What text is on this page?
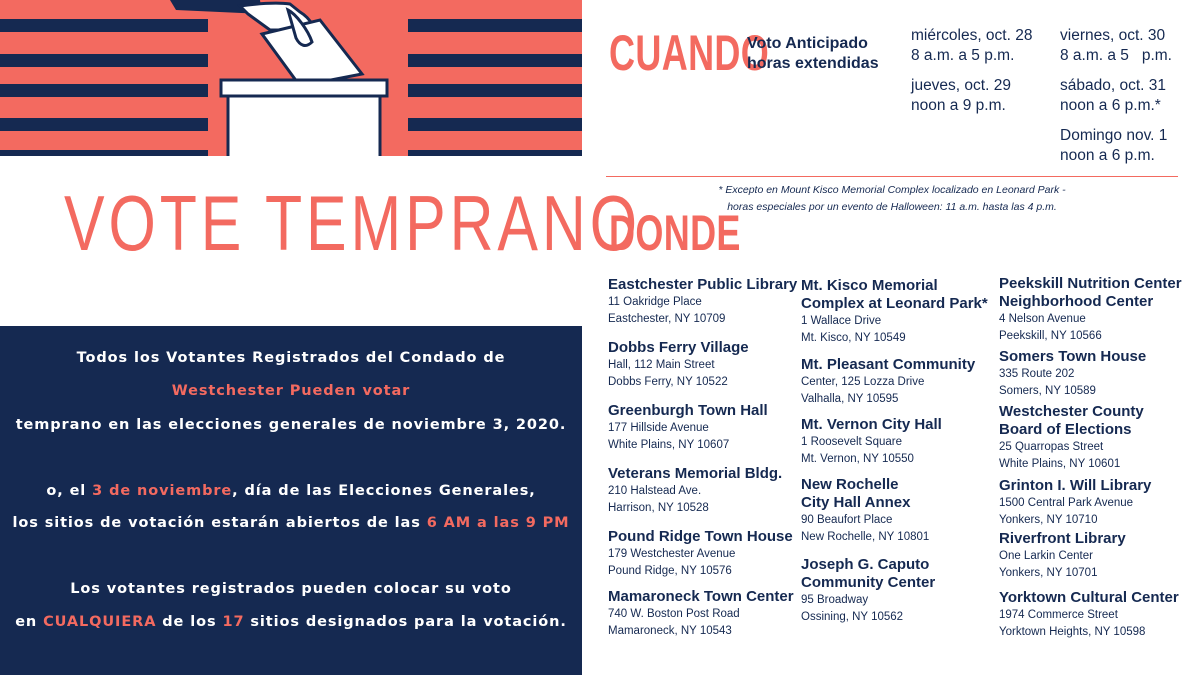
VOTE TEMPRANO
Todos los Votantes Registrados del Condado de
Westchester Pueden votar
temprano en las elecciones generales de noviembre 3, 2020.
o, el 3 de noviembre, día de las Elecciones Generales,
los sitios de votación estarán abiertos de las 6 AM a las 9 PM
Los votantes registrados pueden colocar su voto
en CUALQUIERA de los 17 sitios designados para la votación.
CUANDO
Voto Anticipado
horas extendidas
miércoles, oct. 28
8 a.m. a 5 p.m.
jueves, oct. 29
noon a 9 p.m.
viernes, oct. 30
8 a.m. a 5   p.m.
sábado, oct. 31
noon a 6 p.m.*
Domingo nov. 1
noon a 6 p.m.
* Excepto en Mount Kisco Memorial Complex localizado en Leonard Park -
horas especiales por un evento de Halloween: 11 a.m. hasta las 4 p.m.
DONDE
Eastchester Public Library
11 Oakridge Place
Eastchester, NY 10709
Dobbs Ferry Village
Hall, 112 Main Street
Dobbs Ferry, NY 10522
Greenburgh Town Hall
177 Hillside Avenue
White Plains, NY 10607
Veterans Memorial Bldg.
210 Halstead Ave.
Harrison, NY 10528
Pound Ridge Town House
179 Westchester Avenue
Pound Ridge, NY 10576
Mamaroneck Town Center
740 W. Boston Post Road
Mamaroneck, NY 10543
Mt. Kisco Memorial
Complex at Leonard Park*
1 Wallace Drive
Mt. Kisco, NY 10549
Mt. Pleasant Community
Center, 125 Lozza Drive
Valhalla, NY 10595
Mt. Vernon City Hall
1 Roosevelt Square
Mt. Vernon, NY 10550
New Rochelle
City Hall Annex
90 Beaufort Place
New Rochelle, NY 10801
Joseph G. Caputo
Community Center
95 Broadway
Ossining, NY 10562
Peekskill Nutrition Center
Neighborhood Center
4 Nelson Avenue
Peekskill, NY 10566
Somers Town House
335 Route 202
Somers, NY 10589
Westchester County
Board of Elections
25 Quarropas Street
White Plains, NY 10601
Grinton I. Will Library
1500 Central Park Avenue
Yonkers, NY 10710
Riverfront Library
One Larkin Center
Yonkers, NY 10701
Yorktown Cultural Center
1974 Commerce Street
Yorktown Heights, NY 10598
